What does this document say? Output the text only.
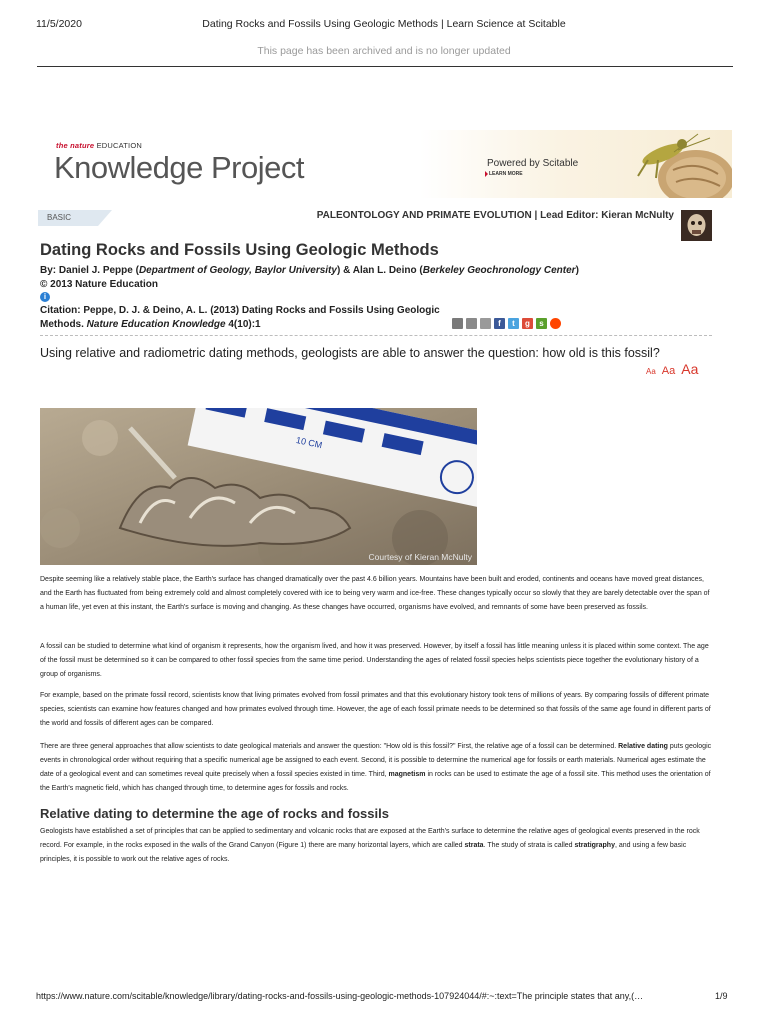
11/5/2020	Dating Rocks and Fossils Using Geologic Methods | Learn Science at Scitable
This page has been archived and is no longer updated
the nature EDUCATION
Knowledge Project	Powered by Scitable
LEARN MORE
BASIC	PALEONTOLOGY AND PRIMATE EVOLUTION | Lead Editor: Kieran McNulty
Dating Rocks and Fossils Using Geologic Methods
By: Daniel J. Peppe (Department of Geology, Baylor University) & Alan L. Deino (Berkeley Geochronology Center) © 2013 Nature Education
i
Citation: Peppe, D. J. & Deino, A. L. (2013) Dating Rocks and Fossils Using Geologic Methods. Nature Education Knowledge 4(10):1	f	t	g	s
Using relative and radiometric dating methods, geologists are able to answer the question: how old is this fossil?
Aa Aa Aa
10 CM
Courtesy of Kieran McNulty
Despite seeming like a relatively stable place, the Earth's surface has changed dramatically over the past 4.6 billion years. Mountains have been built and eroded, continents and oceans have moved great distances, and the Earth has fluctuated from being extremely cold and almost completely covered with ice to being very warm and ice-free. These changes typically occur so slowly that they are barely detectable over the span of a human life, yet even at this instant, the Earth's surface is moving and changing. As these changes have occurred, organisms have evolved, and remnants of some have been preserved as fossils.
A fossil can be studied to determine what kind of organism it represents, how the organism lived, and how it was preserved. However, by itself a fossil has little meaning unless it is placed within some context. The age of the fossil must be determined so it can be compared to other fossil species from the same time period. Understanding the ages of related fossil species helps scientists piece together the evolutionary history of a group of organisms.
For example, based on the primate fossil record, scientists know that living primates evolved from fossil primates and that this evolutionary history took tens of millions of years. By comparing fossils of different primate species, scientists can examine how features changed and how primates evolved through time. However, the age of each fossil primate needs to be determined so that fossils of the same age found in different parts of the world and fossils of different ages can be compared.
There are three general approaches that allow scientists to date geological materials and answer the question: "How old is this fossil?" First, the relative age of a fossil can be determined. Relative dating puts geologic events in chronological order without requiring that a specific numerical age be assigned to each event. Second, it is possible to determine the numerical age for fossils or earth materials. Numerical ages estimate the date of a geological event and can sometimes reveal quite precisely when a fossil species existed in time. Third, magnetism in rocks can be used to estimate the age of a fossil site. This method uses the orientation of the Earth's magnetic field, which has changed through time, to determine ages for fossils and rocks.
Relative dating to determine the age of rocks and fossils
Geologists have established a set of principles that can be applied to sedimentary and volcanic rocks that are exposed at the Earth's surface to determine the relative ages of geological events preserved in the rock record. For example, in the rocks exposed in the walls of the Grand Canyon (Figure 1) there are many horizontal layers, which are called strata. The study of strata is called stratigraphy, and using a few basic principles, it is possible to work out the relative ages of rocks.
https://www.nature.com/scitable/knowledge/library/dating-rocks-and-fossils-using-geologic-methods-107924044/#:~:text=The principle states that any,(…	1/9
